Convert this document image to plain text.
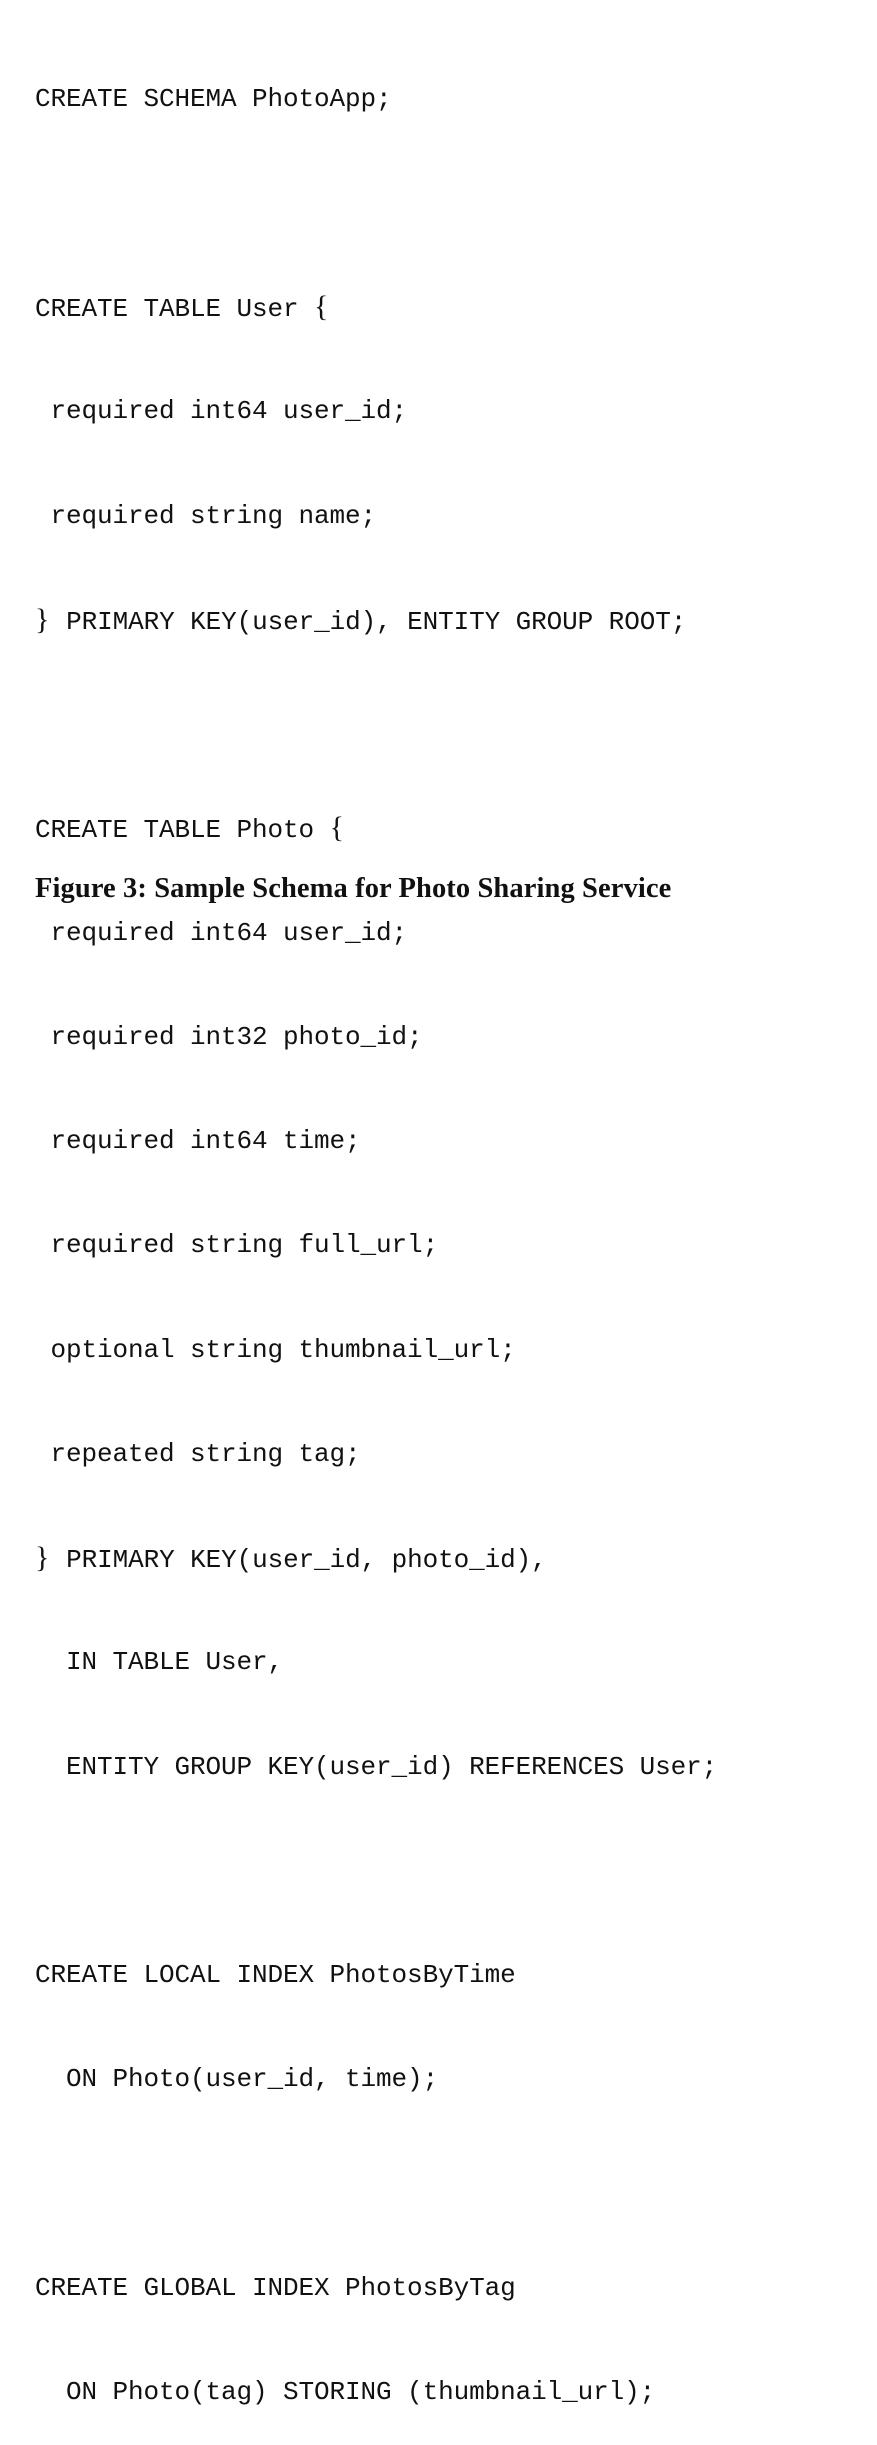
CREATE SCHEMA PhotoApp;

CREATE TABLE User {

required int64 user_id;

required string name;

} PRIMARY KEY(user_id), ENTITY GROUP ROOT;

CREATE TABLE Photo {

required int64 user_id;

required int32 photo_id;

required int64 time;

required string full_url;

optional string thumbnail_url;

repeated string tag;

} PRIMARY KEY(user_id, photo_id),

IN TABLE User,

ENTITY GROUP KEY(user_id) REFERENCES User;

CREATE LOCAL INDEX PhotosByTime

ON Photo(user_id, time);

CREATE GLOBAL INDEX PhotosByTag

ON Photo(tag) STORING (thumbnail_url);

Figure 3: Sample Schema for Photo Sharing Service
